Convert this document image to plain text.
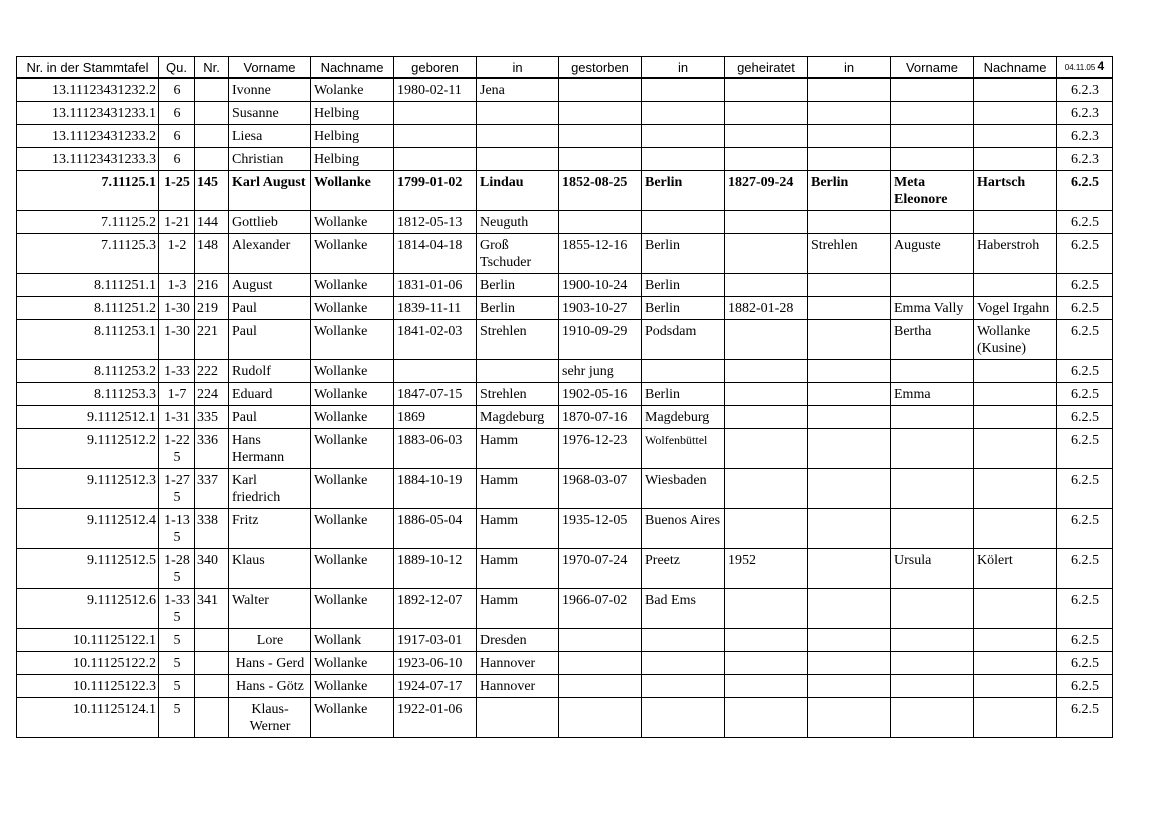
Nr. in der Stammtafel	Qu.	Nr.	Vorname	Nachname	geboren	in	gestorben	in	geheiratet	in	Vorname	Nachname	04.11.05 4
13.11123431232.2	6		Ivonne	Wolanke	1980-02-11	Jena							6.2.3
13.11123431233.1	6		Susanne	Helbing									6.2.3
13.11123431233.2	6		Liesa	Helbing									6.2.3
13.11123431233.3	6		Christian	Helbing									6.2.3
7.11125.1	1-25	145	Karl August	Wollanke	1799-01-02	Lindau	1852-08-25	Berlin	1827-09-24	Berlin	Meta Eleonore	Hartsch	6.2.5
7.11125.2	1-21	144	Gottlieb	Wollanke	1812-05-13	Neuguth							6.2.5
7.11125.3	1-2	148	Alexander	Wollanke	1814-04-18	Groß Tschuder	1855-12-16	Berlin		Strehlen	Auguste	Haberstroh	6.2.5
8.111251.1	1-3	216	August	Wollanke	1831-01-06	Berlin	1900-10-24	Berlin					6.2.5
8.111251.2	1-30	219	Paul	Wollanke	1839-11-11	Berlin	1903-10-27	Berlin	1882-01-28		Emma Vally	Vogel Irgahn	6.2.5
8.111253.1	1-30	221	Paul	Wollanke	1841-02-03	Strehlen	1910-09-29	Podsdam			Bertha	Wollanke (Kusine)	6.2.5
8.111253.2	1-33	222	Rudolf	Wollanke			sehr jung						6.2.5
8.111253.3	1-7	224	Eduard	Wollanke	1847-07-15	Strehlen	1902-05-16	Berlin			Emma		6.2.5
9.1112512.1	1-31	335	Paul	Wollanke	1869	Magdeburg	1870-07-16	Magdeburg					6.2.5
9.1112512.2	1-22 5	336	Hans Hermann	Wollanke	1883-06-03	Hamm	1976-12-23	Wolfenbüttel					6.2.5
9.1112512.3	1-27 5	337	Karl friedrich	Wollanke	1884-10-19	Hamm	1968-03-07	Wiesbaden					6.2.5
9.1112512.4	1-13 5	338	Fritz	Wollanke	1886-05-04	Hamm	1935-12-05	Buenos Aires					6.2.5
9.1112512.5	1-28 5	340	Klaus	Wollanke	1889-10-12	Hamm	1970-07-24	Preetz	1952		Ursula	Kölert	6.2.5
9.1112512.6	1-33 5	341	Walter	Wollanke	1892-12-07	Hamm	1966-07-02	Bad Ems					6.2.5
10.11125122.1	5		Lore	Wollank	1917-03-01	Dresden							6.2.5
10.11125122.2	5		Hans - Gerd	Wollanke	1923-06-10	Hannover							6.2.5
10.11125122.3	5		Hans - Götz	Wollanke	1924-07-17	Hannover							6.2.5
10.11125124.1	5		Klaus-Werner	Wollanke	1922-01-06								6.2.5
